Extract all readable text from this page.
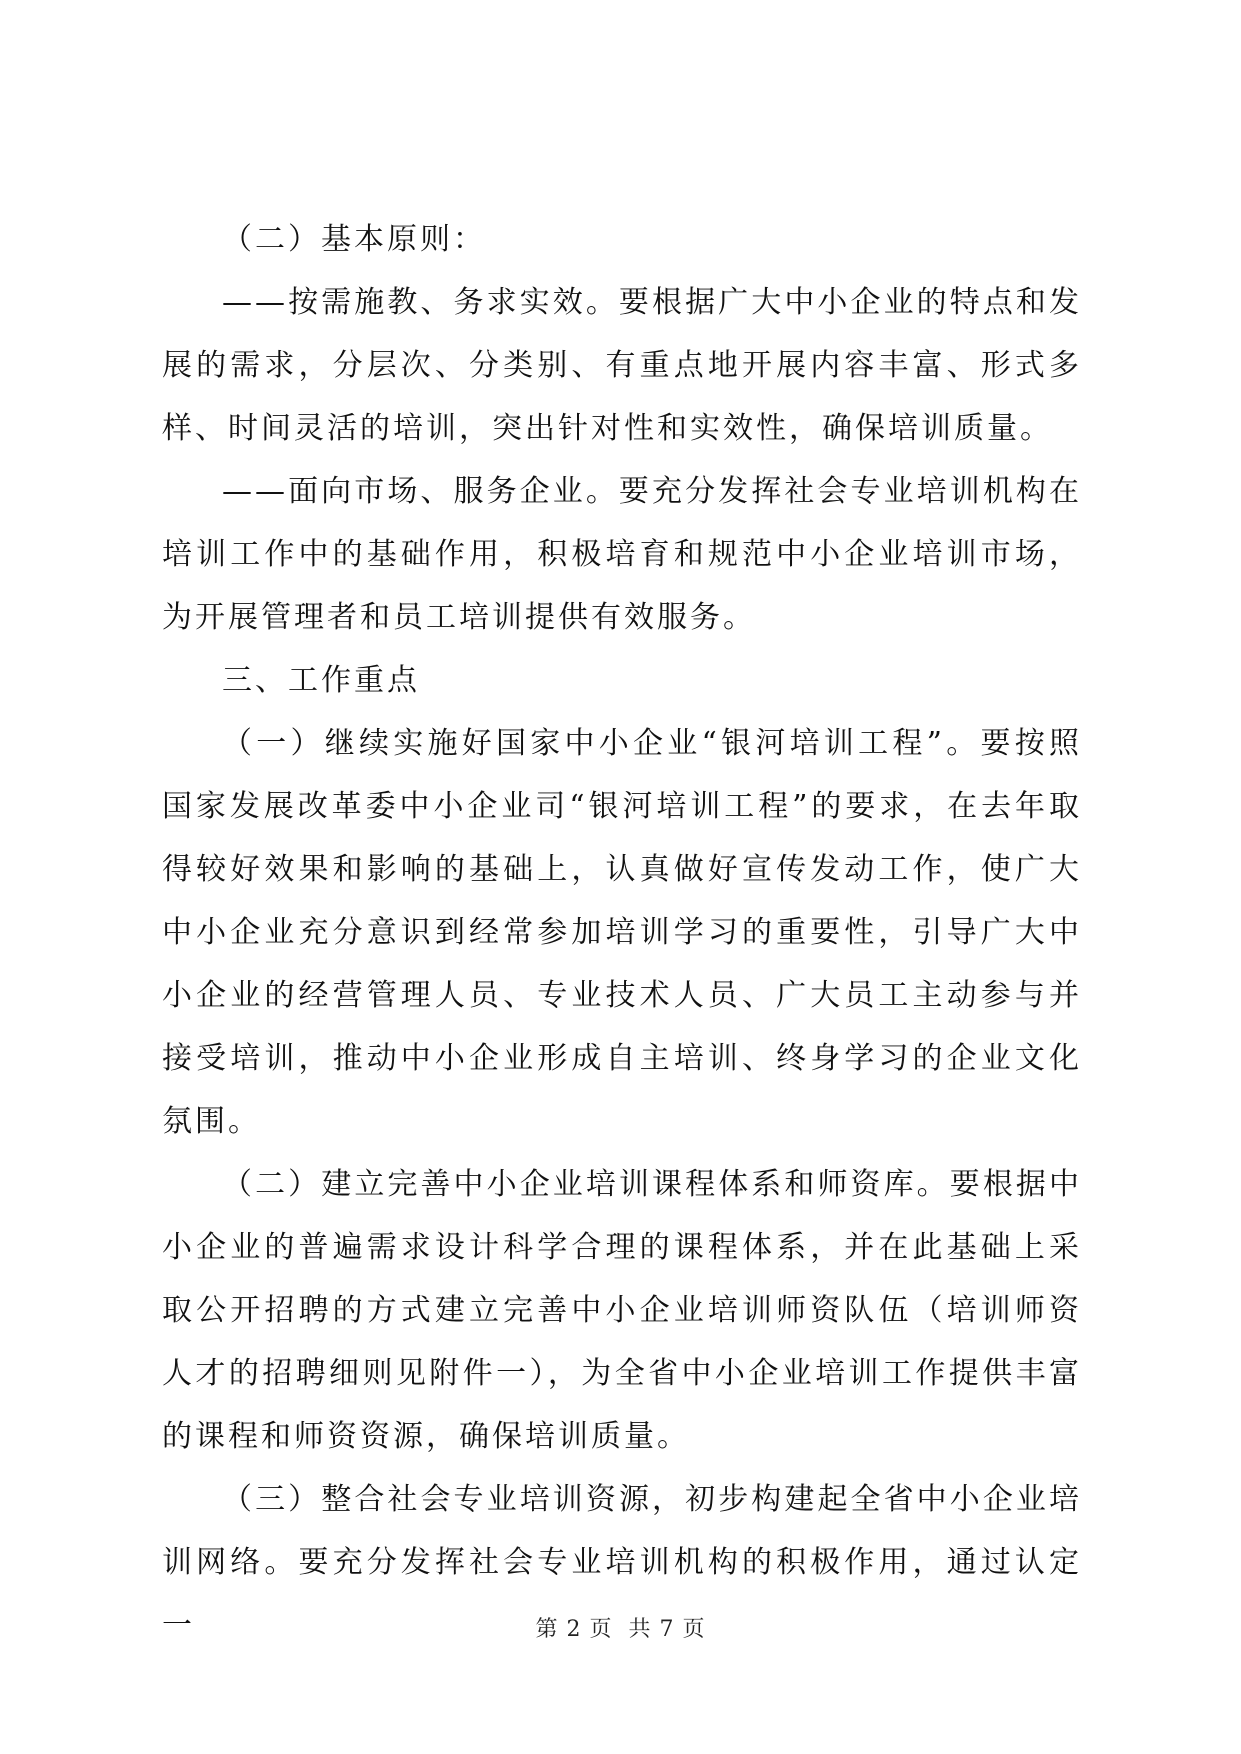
（二）基本原则：

——按需施教、务求实效。要根据广大中小企业的特点和发展的需求，分层次、分类别、有重点地开展内容丰富、形式多样、时间灵活的培训，突出针对性和实效性，确保培训质量。

——面向市场、服务企业。要充分发挥社会专业培训机构在培训工作中的基础作用，积极培育和规范中小企业培训市场，为开展管理者和员工培训提供有效服务。

三、工作重点

（一）继续实施好国家中小企业“银河培训工程”。要按照国家发展改革委中小企业司“银河培训工程”的要求，在去年取得较好效果和影响的基础上，认真做好宣传发动工作，使广大中小企业充分意识到经常参加培训学习的重要性，引导广大中小企业的经营管理人员、专业技术人员、广大员工主动参与并接受培训，推动中小企业形成自主培训、终身学习的企业文化氛围。

（二）建立完善中小企业培训课程体系和师资库。要根据中小企业的普遍需求设计科学合理的课程体系，并在此基础上采取公开招聘的方式建立完善中小企业培训师资队伍（培训师资人才的招聘细则见附件一），为全省中小企业培训工作提供丰富的课程和师资资源，确保培训质量。

（三）整合社会专业培训资源，初步构建起全省中小企业培训网络。要充分发挥社会专业培训机构的积极作用，通过认定一	第 2 页  共 7 页
